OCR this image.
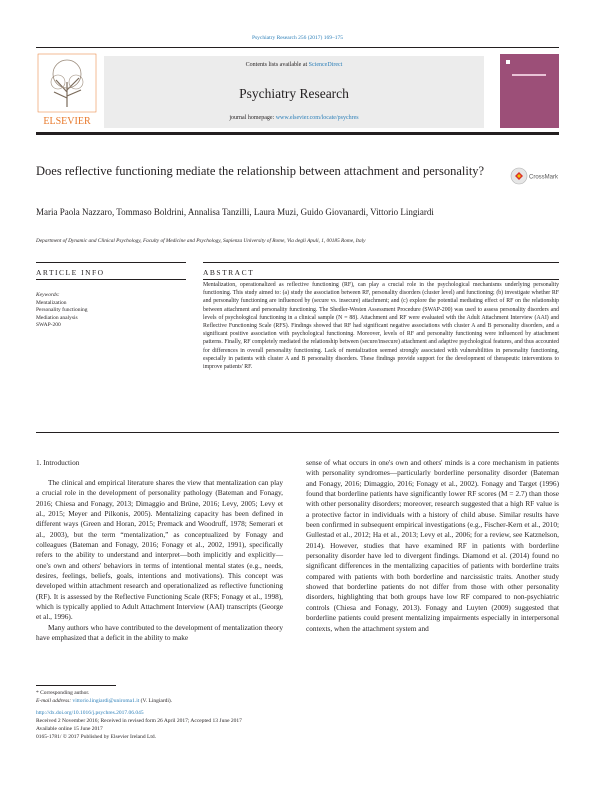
Psychiatry Research 256 (2017) 169–175
ELSEVIER
Contents lists available at ScienceDirect
Psychiatry Research
journal homepage: www.elsevier.com/locate/psychres
Does reflective functioning mediate the relationship between attachment and personality?	CrossMark
Maria Paola Nazzaro, Tommaso Boldrini, Annalisa Tanzilli, Laura Muzi, Guido Giovanardi, Vittorio Lingiardi
Department of Dynamic and Clinical Psychology, Faculty of Medicine and Psychology, Sapienza University of Rome, Via degli Apuli, 1, 00185 Rome, Italy
ARTICLE INFO	ABSTRACT
Keywords:
Mentalization
Personality functioning
Mediation analysis
SWAP-200
Mentalization, operationalized as reflective functioning (RF), can play a crucial role in the psychological mechanisms underlying personality functioning. This study aimed to: (a) study the association between RF, personality disorders (cluster level) and functioning; (b) investigate whether RF and personality functioning are influenced by (secure vs. insecure) attachment; and (c) explore the potential mediating effect of RF on the relationship between attachment and personality functioning. The Shedler-Westen Assessment Procedure (SWAP-200) was used to assess personality disorders and levels of psychological functioning in a clinical sample (N = 88). Attachment and RF were evaluated with the Adult Attachment Interview (AAI) and Reflective Functioning Scale (RFS). Findings showed that RF had significant negative associations with cluster A and B personality disorders, and a significant positive association with psychological functioning. Moreover, levels of RF and personality functioning were influenced by attachment patterns. Finally, RF completely mediated the relationship between (secure/insecure) attachment and adaptive psychological features, and thus accounted for differences in overall personality functioning. Lack of mentalization seemed strongly associated with vulnerabilities in personality functioning, especially in patients with cluster A and B personality disorders. These findings provide support for the development of therapeutic interventions to improve patients' RF.
1. Introduction
The clinical and empirical literature shares the view that mentalization can play a crucial role in the development of personality pathology (Bateman and Fonagy, 2016; Chiesa and Fonagy, 2013; Dimaggio and Brüne, 2016; Levy, 2005; Levy et al., 2015; Meyer and Pilkonis, 2005). Mentalizing capacity has been defined in different ways (Green and Horan, 2015; Premack and Woodruff, 1978; Semerari et al., 2003), but the term “mentalization,” as conceptualized by Fonagy and colleagues (Bateman and Fonagy, 2016; Fonagy et al., 2002, 1991), specifically refers to the ability to understand and interpret—both implicitly and explicitly—one's own and others' behaviors in terms of intentional mental states (e.g., needs, desires, feelings, beliefs, goals, intentions and motivations). This concept was developed within attachment research and operationalized as reflective functioning (RF). It is assessed by the Reflective Functioning Scale (RFS; Fonagy et al., 1998), which is typically applied to Adult Attachment Interview (AAI) transcripts (George et al., 1996).
Many authors who have contributed to the development of mentalization theory have emphasized that a deficit in the ability to make
sense of what occurs in one's own and others' minds is a core mechanism in patients with personality syndromes—particularly borderline personality disorder (Bateman and Fonagy, 2016; Dimaggio, 2016; Fonagy et al., 2002). Fonagy and Target (1996) found that borderline patients have significantly lower RF scores (M = 2.7) than those with other personality disorders; moreover, research suggested that a high RF value is a protective factor in individuals with a history of child abuse. Similar results have been confirmed in subsequent empirical investigations (e.g., Fischer-Kern et al., 2010; Gullestad et al., 2012; Ha et al., 2013; Levy et al., 2006; for a review, see Katznelson, 2014). However, studies that have examined RF in patients with borderline personality disorder have led to divergent findings. Diamond et al. (2014) found no significant differences in the mentalizing capacities of patients with borderline traits compared with patients with both borderline and narcissistic traits. Another study showed that borderline patients do not differ from those with other personality disorders, highlighting that both groups have low RF compared to non-psychiatric controls (Chiesa and Fonagy, 2013). Fonagy and Luyten (2009) suggested that borderline patients could present mentalizing impairments especially in interpersonal contexts, when the attachment system and
* Corresponding author.
E-mail address: vittorio.lingiardi@uniroma1.it (V. Lingiardi).
http://dx.doi.org/10.1016/j.psychres.2017.06.045
Received 2 November 2016; Received in revised form 26 April 2017; Accepted 13 June 2017
Available online 15 June 2017
0165-1781/ © 2017 Published by Elsevier Ireland Ltd.
